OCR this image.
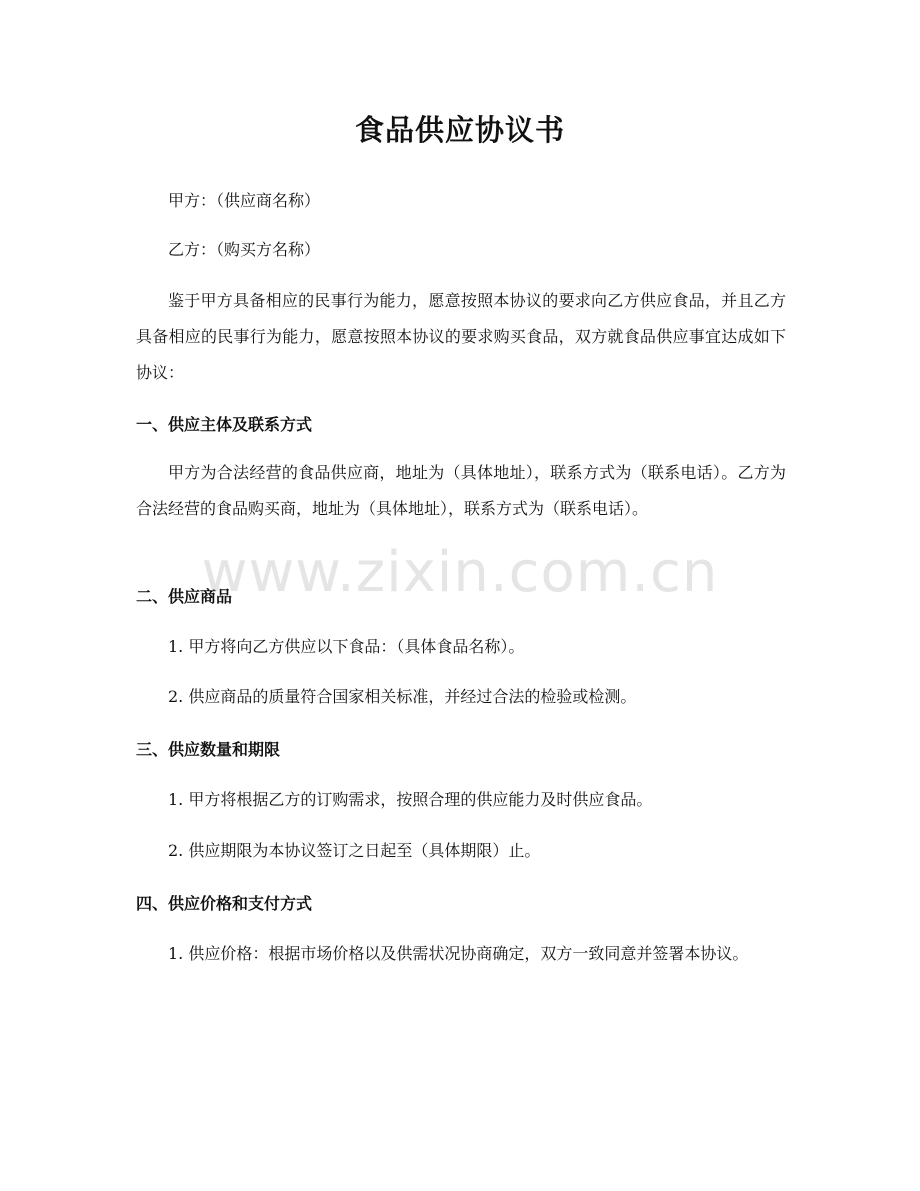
食品供应协议书

甲方：（供应商名称）

乙方：（购买方名称）

鉴于甲方具备相应的民事行为能力，愿意按照本协议的要求向乙方供应食品，并且乙方具备相应的民事行为能力，愿意按照本协议的要求购买食品，双方就食品供应事宜达成如下协议：

一、供应主体及联系方式

甲方为合法经营的食品供应商，地址为（具体地址），联系方式为（联系电话）。乙方为合法经营的食品购买商，地址为（具体地址），联系方式为（联系电话）。

二、供应商品

1. 甲方将向乙方供应以下食品：（具体食品名称）。

2. 供应商品的质量符合国家相关标准，并经过合法的检验或检测。

三、供应数量和期限

1. 甲方将根据乙方的订购需求，按照合理的供应能力及时供应食品。

2. 供应期限为本协议签订之日起至（具体期限）止。

四、供应价格和支付方式

1. 供应价格：根据市场价格以及供需状况协商确定，双方一致同意并签署本协议。

www.zixin.com.cn
